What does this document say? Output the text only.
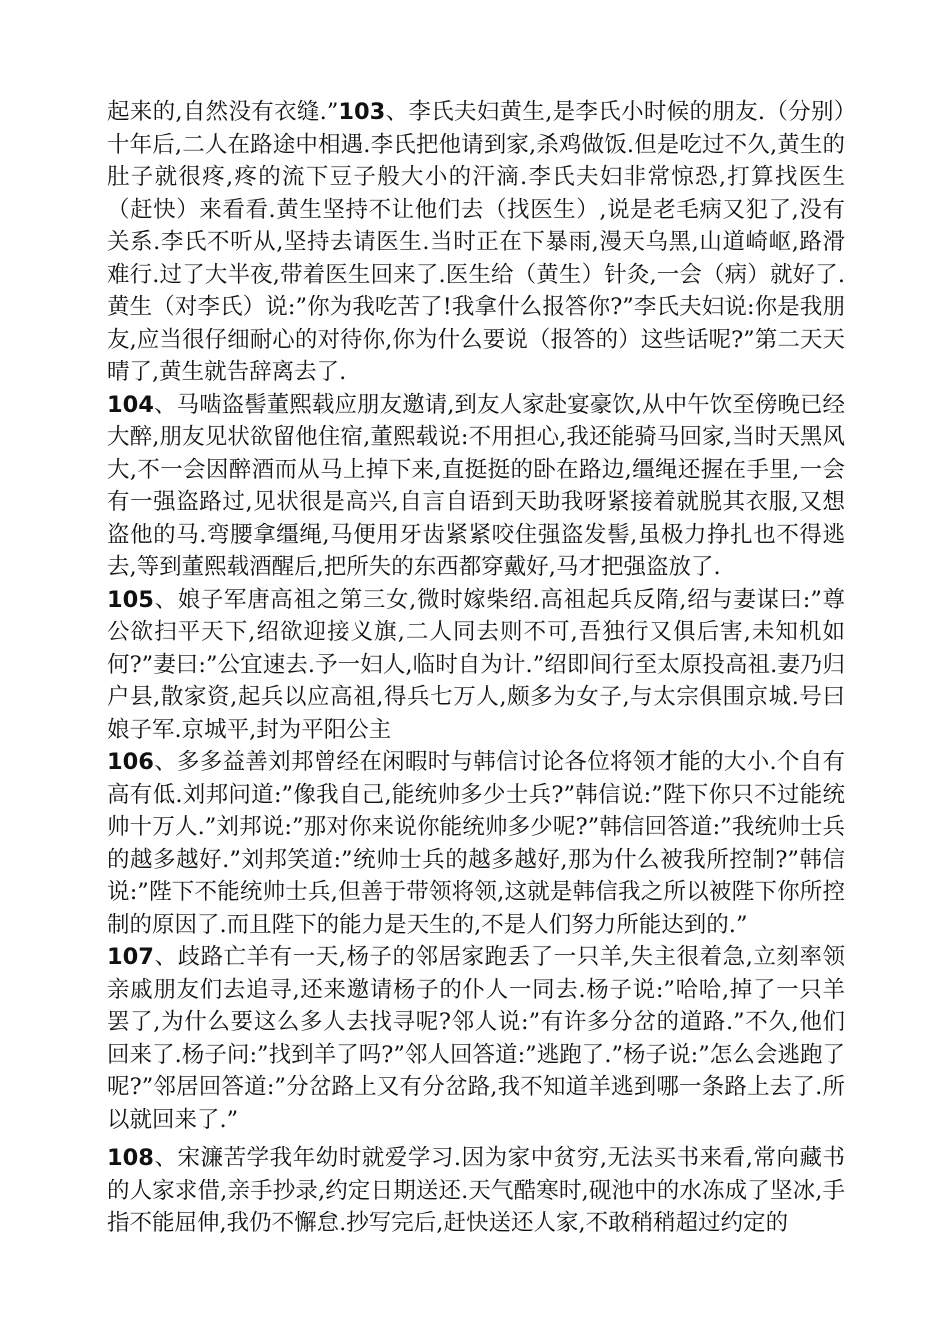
起来的,自然没有衣缝.”103、李氏夫妇黄生,是李氏小时候的朋友.（分别）十年后,二人在路途中相遇.李氏把他请到家,杀鸡做饭.但是吃过不久,黄生的肚子就很疼,疼的流下豆子般大小的汗滴.李氏夫妇非常惊恐,打算找医生（赶快）来看看.黄生坚持不让他们去（找医生）,说是老毛病又犯了,没有关系.李氏不听从,坚持去请医生.当时正在下暴雨,漫天乌黑,山道崎岖,路滑难行.过了大半夜,带着医生回来了.医生给（黄生）针灸,一会（病）就好了.黄生（对李氏）说:”你为我吃苦了!我拿什么报答你?”李氏夫妇说:你是我朋友,应当很仔细耐心的对待你,你为什么要说（报答的）这些话呢?”第二天天晴了,黄生就告辞离去了.

104、马啮盗髻董熙载应朋友邀请,到友人家赴宴豪饮,从中午饮至傍晚已经大醉,朋友见状欲留他住宿,董熙载说:不用担心,我还能骑马回家,当时天黑风大,不一会因醉酒而从马上掉下来,直挺挺的卧在路边,缰绳还握在手里,一会有一强盗路过,见状很是高兴,自言自语到天助我呀紧接着就脱其衣服,又想盗他的马.弯腰拿缰绳,马便用牙齿紧紧咬住强盗发髻,虽极力挣扎也不得逃去,等到董熙载酒醒后,把所失的东西都穿戴好,马才把强盗放了.

105、娘子军唐高祖之第三女,微时嫁柴绍.高祖起兵反隋,绍与妻谋曰:”尊公欲扫平天下,绍欲迎接义旗,二人同去则不可,吾独行又俱后害,未知机如何?”妻曰:”公宜速去.予一妇人,临时自为计.”绍即间行至太原投高祖.妻乃归户县,散家资,起兵以应高祖,得兵七万人,颇多为女子,与太宗俱围京城.号曰娘子军.京城平,封为平阳公主

106、多多益善刘邦曾经在闲暇时与韩信讨论各位将领才能的大小.个自有高有低.刘邦问道:”像我自己,能统帅多少士兵?”韩信说:”陛下你只不过能统帅十万人.”刘邦说:”那对你来说你能统帅多少呢?”韩信回答道:”我统帅士兵的越多越好.”刘邦笑道:”统帅士兵的越多越好,那为什么被我所控制?”韩信说:”陛下不能统帅士兵,但善于带领将领,这就是韩信我之所以被陛下你所控制的原因了.而且陛下的能力是天生的,不是人们努力所能达到的.”

107、歧路亡羊有一天,杨子的邻居家跑丢了一只羊,失主很着急,立刻率领亲戚朋友们去追寻,还来邀请杨子的仆人一同去.杨子说:”哈哈,掉了一只羊罢了,为什么要这么多人去找寻呢?邻人说:”有许多分岔的道路.”不久,他们回来了.杨子问:”找到羊了吗?”邻人回答道:”逃跑了.”杨子说:”怎么会逃跑了呢?”邻居回答道:”分岔路上又有分岔路,我不知道羊逃到哪一条路上去了.所以就回来了.”

108、宋濂苦学我年幼时就爱学习.因为家中贫穷,无法买书来看,常向藏书的人家求借,亲手抄录,约定日期送还.天气酷寒时,砚池中的水冻成了坚冰,手指不能屈伸,我仍不懈怠.抄写完后,赶快送还人家,不敢稍稍超过约定的
